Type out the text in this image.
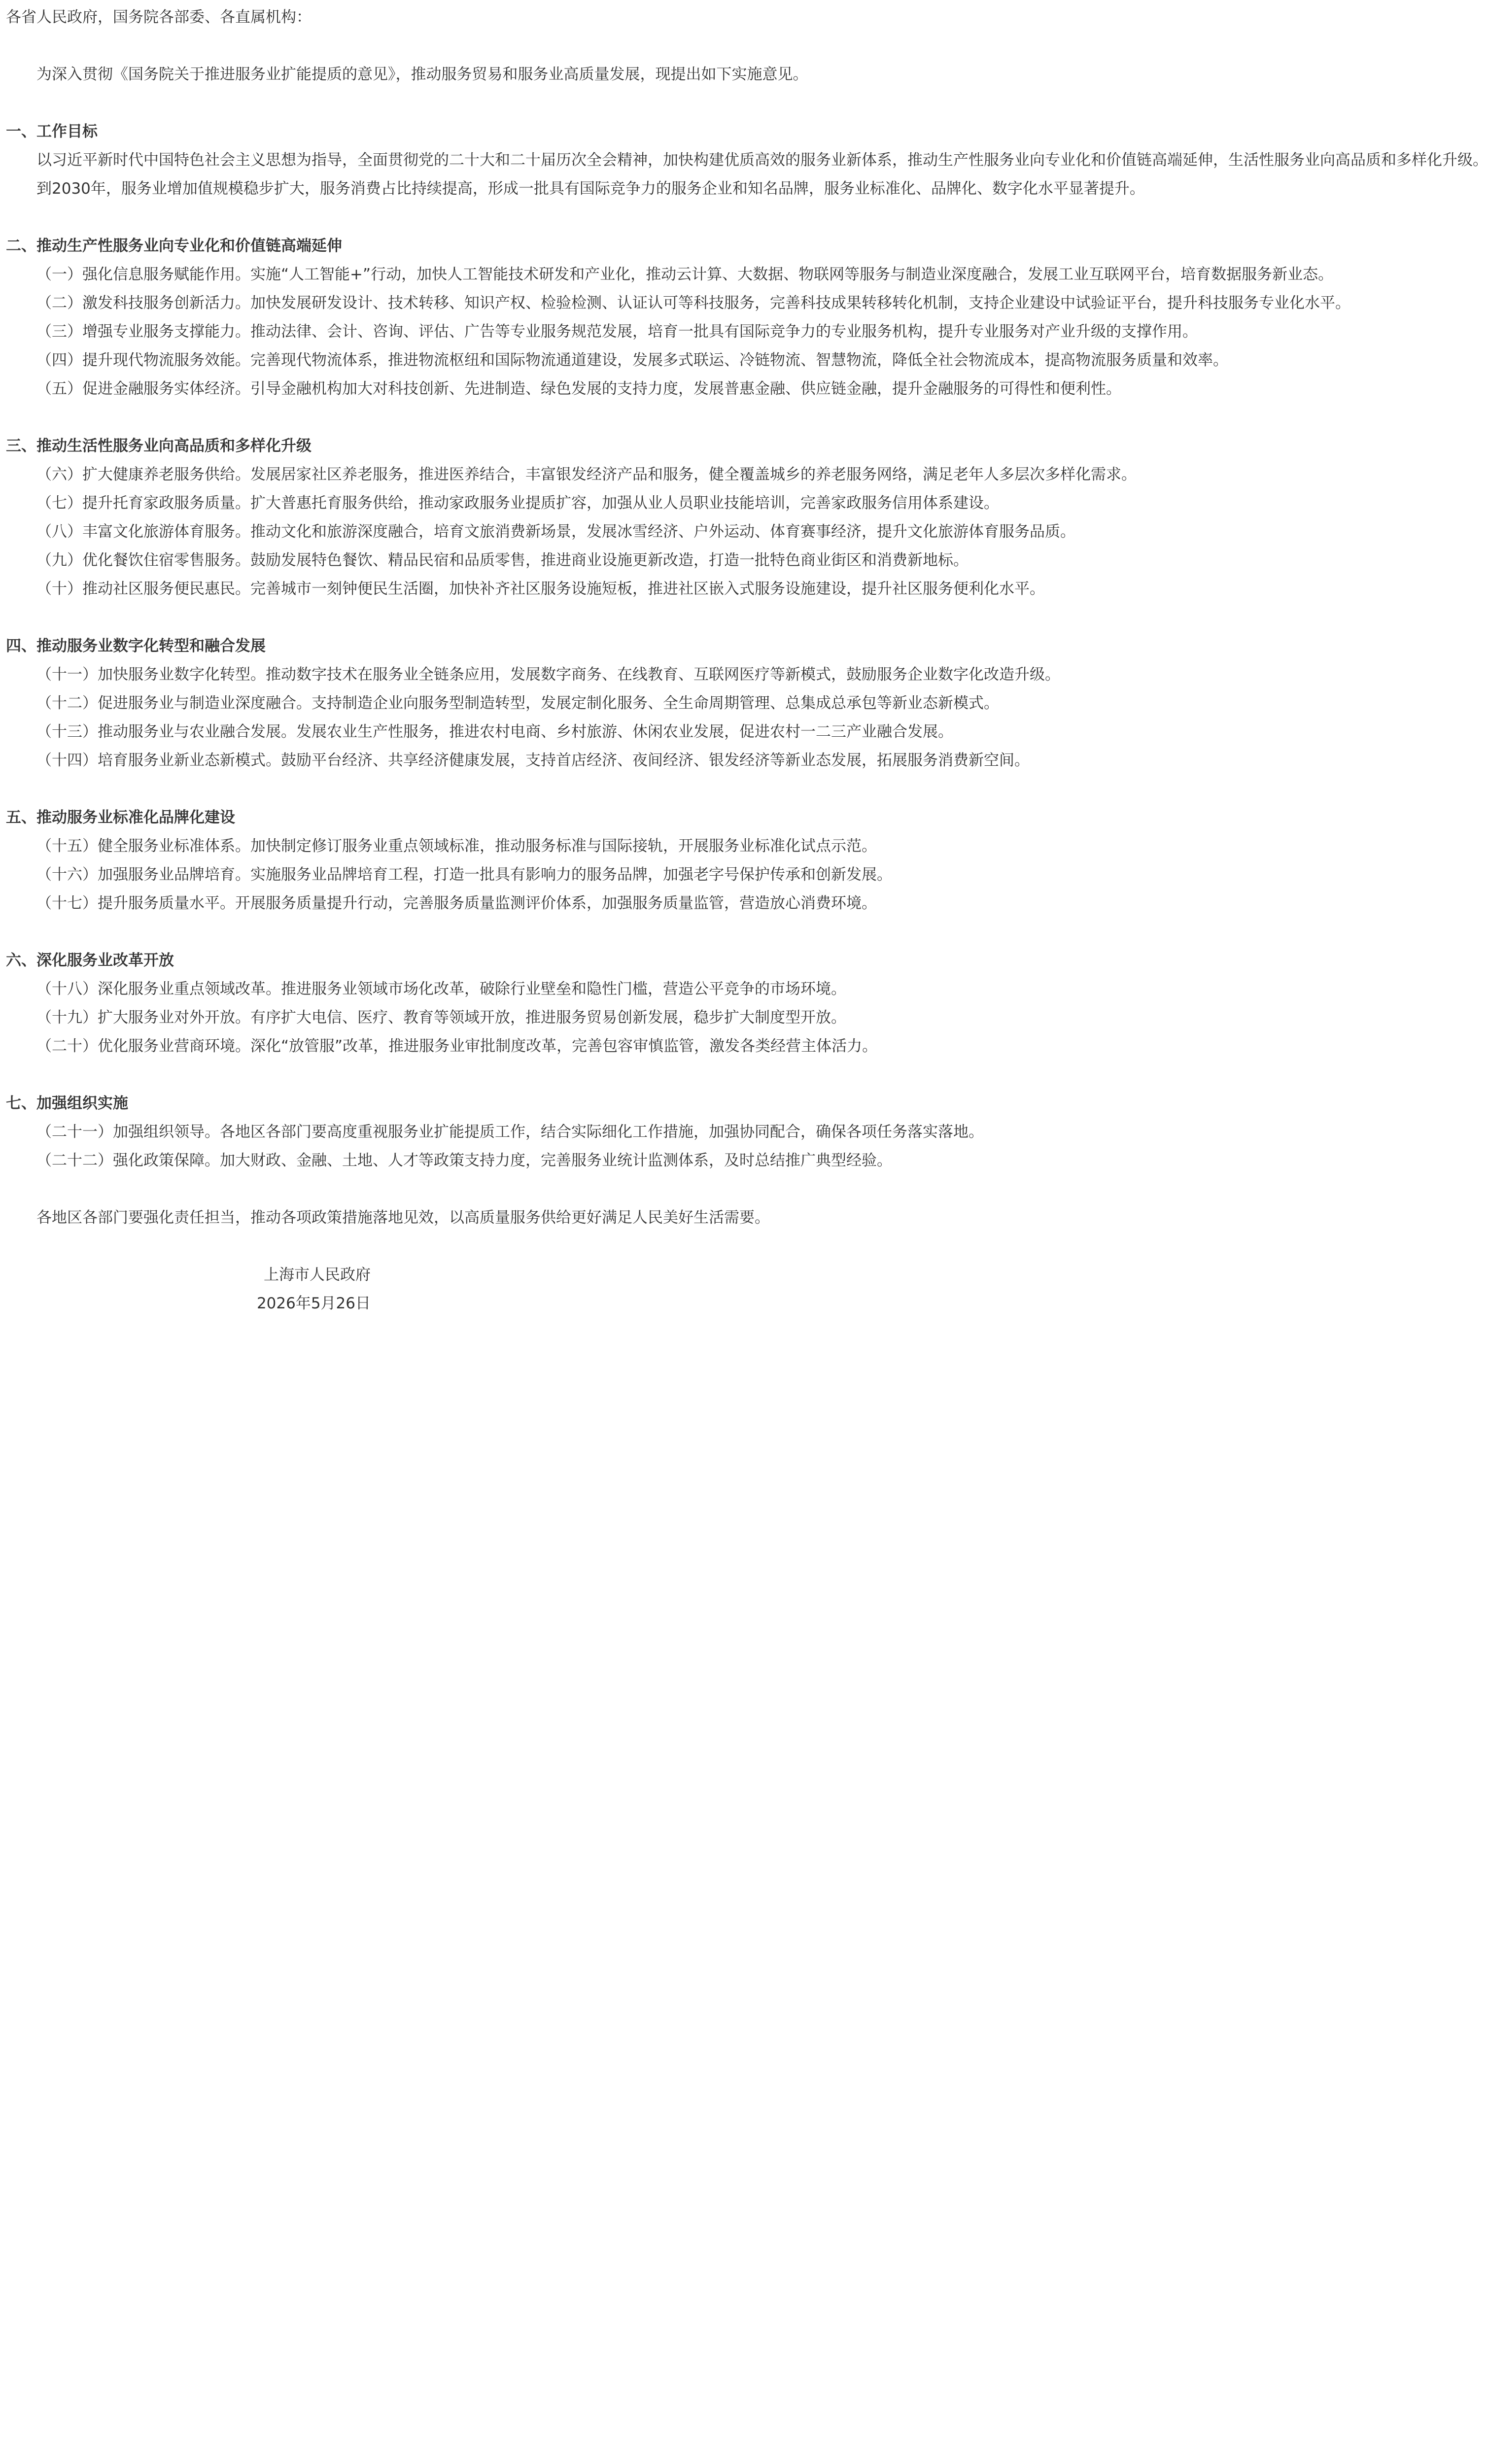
各省人民政府，国务院各部委、各直属机构：

为深入贯彻《国务院关于推进服务业扩能提质的意见》，推动服务贸易和服务业高质量发展，现提出如下实施意见。

一、工作目标

以习近平新时代中国特色社会主义思想为指导，全面贯彻党的二十大和二十届历次全会精神，加快构建优质高效的服务业新体系，推动生产性服务业向专业化和价值链高端延伸，生活性服务业向高品质和多样化升级。

到2030年，服务业增加值规模稳步扩大，服务消费占比持续提高，形成一批具有国际竞争力的服务企业和知名品牌，服务业标准化、品牌化、数字化水平显著提升。

二、推动生产性服务业向专业化和价值链高端延伸

（一）强化信息服务赋能作用。实施“人工智能+”行动，加快人工智能技术研发和产业化，推动云计算、大数据、物联网等服务与制造业深度融合，发展工业互联网平台，培育数据服务新业态。

（二）激发科技服务创新活力。加快发展研发设计、技术转移、知识产权、检验检测、认证认可等科技服务，完善科技成果转移转化机制，支持企业建设中试验证平台，提升科技服务专业化水平。

（三）增强专业服务支撑能力。推动法律、会计、咨询、评估、广告等专业服务规范发展，培育一批具有国际竞争力的专业服务机构，提升专业服务对产业升级的支撑作用。

（四）提升现代物流服务效能。完善现代物流体系，推进物流枢纽和国际物流通道建设，发展多式联运、冷链物流、智慧物流，降低全社会物流成本，提高物流服务质量和效率。

（五）促进金融服务实体经济。引导金融机构加大对科技创新、先进制造、绿色发展的支持力度，发展普惠金融、供应链金融，提升金融服务的可得性和便利性。

三、推动生活性服务业向高品质和多样化升级

（六）扩大健康养老服务供给。发展居家社区养老服务，推进医养结合，丰富银发经济产品和服务，健全覆盖城乡的养老服务网络，满足老年人多层次多样化需求。

（七）提升托育家政服务质量。扩大普惠托育服务供给，推动家政服务业提质扩容，加强从业人员职业技能培训，完善家政服务信用体系建设。

（八）丰富文化旅游体育服务。推动文化和旅游深度融合，培育文旅消费新场景，发展冰雪经济、户外运动、体育赛事经济，提升文化旅游体育服务品质。

（九）优化餐饮住宿零售服务。鼓励发展特色餐饮、精品民宿和品质零售，推进商业设施更新改造，打造一批特色商业街区和消费新地标。

（十）推动社区服务便民惠民。完善城市一刻钟便民生活圈，加快补齐社区服务设施短板，推进社区嵌入式服务设施建设，提升社区服务便利化水平。

四、推动服务业数字化转型和融合发展

（十一）加快服务业数字化转型。推动数字技术在服务业全链条应用，发展数字商务、在线教育、互联网医疗等新模式，鼓励服务企业数字化改造升级。

（十二）促进服务业与制造业深度融合。支持制造企业向服务型制造转型，发展定制化服务、全生命周期管理、总集成总承包等新业态新模式。

（十三）推动服务业与农业融合发展。发展农业生产性服务，推进农村电商、乡村旅游、休闲农业发展，促进农村一二三产业融合发展。

（十四）培育服务业新业态新模式。鼓励平台经济、共享经济健康发展，支持首店经济、夜间经济、银发经济等新业态发展，拓展服务消费新空间。

五、推动服务业标准化品牌化建设

（十五）健全服务业标准体系。加快制定修订服务业重点领域标准，推动服务标准与国际接轨，开展服务业标准化试点示范。

（十六）加强服务业品牌培育。实施服务业品牌培育工程，打造一批具有影响力的服务品牌，加强老字号保护传承和创新发展。

（十七）提升服务质量水平。开展服务质量提升行动，完善服务质量监测评价体系，加强服务质量监管，营造放心消费环境。

六、深化服务业改革开放

（十八）深化服务业重点领域改革。推进服务业领域市场化改革，破除行业壁垒和隐性门槛，营造公平竞争的市场环境。

（十九）扩大服务业对外开放。有序扩大电信、医疗、教育等领域开放，推进服务贸易创新发展，稳步扩大制度型开放。

（二十）优化服务业营商环境。深化“放管服”改革，推进服务业审批制度改革，完善包容审慎监管，激发各类经营主体活力。

七、加强组织实施

（二十一）加强组织领导。各地区各部门要高度重视服务业扩能提质工作，结合实际细化工作措施，加强协同配合，确保各项任务落实落地。

（二十二）强化政策保障。加大财政、金融、土地、人才等政策支持力度，完善服务业统计监测体系，及时总结推广典型经验。

各地区各部门要强化责任担当，推动各项政策措施落地见效，以高质量服务供给更好满足人民美好生活需要。

上海市人民政府

2026年5月26日
